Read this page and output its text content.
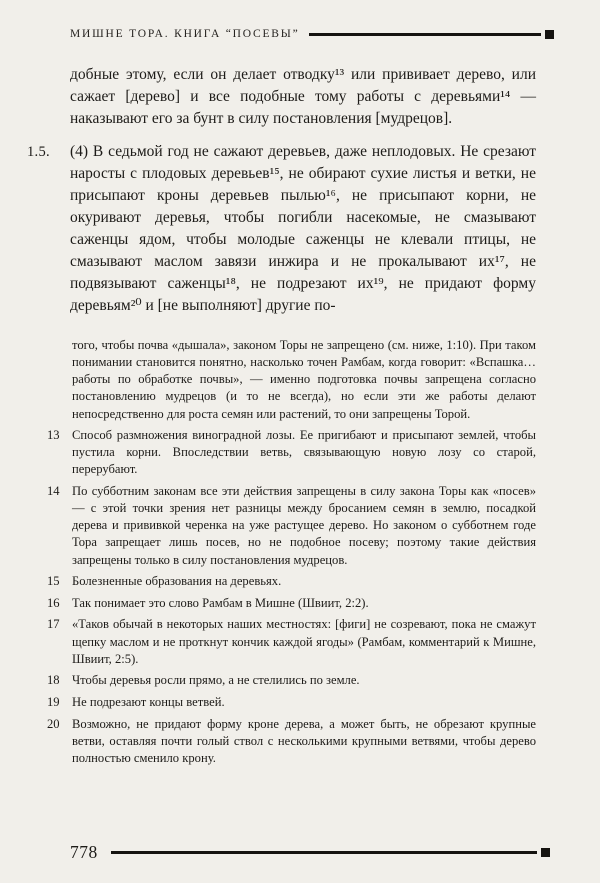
МИШНЕ ТОРА. КНИГА “ПОСЕВЫ”

добные этому, если он делает отводку¹³ или прививает дерево, или сажает [дерево] и все подобные тому работы с деревьями¹⁴ — наказывают его за бунт в силу постановления [мудрецов].

1.5. (4) В седьмой год не сажают деревьев, даже неплодовых. Не срезают наросты с плодовых деревьев¹⁵, не обирают сухие листья и ветки, не присыпают кроны деревьев пылью¹⁶, не присыпают корни, не окуривают деревья, чтобы погибли насекомые, не смазывают саженцы ядом, чтобы молодые саженцы не клевали птицы, не смазывают маслом завязи инжира и не прокалывают их¹⁷, не подвязывают саженцы¹⁸, не подрезают их¹⁹, не придают форму деревьям²⁰ и [не выполняют] другие по-

того, чтобы почва «дышала», законом Торы не запрещено (см. ниже, 1:10). При таком понимании становится понятно, насколько точен Рамбам, когда говорит: «Вспашка… работы по обработке почвы», — именно подготовка почвы запрещена согласно постановлению мудрецов (и то не всегда), но если эти же работы делают непосредственно для роста семян или растений, то они запрещены Торой.

13 Способ размножения виноградной лозы. Ее пригибают и присыпают землей, чтобы пустила корни. Впоследствии ветвь, связывающую новую лозу со старой, перерубают.
14 По субботним законам все эти действия запрещены в силу закона Торы как «посев» — с этой точки зрения нет разницы между бросанием семян в землю, посадкой дерева и прививкой черенка на уже растущее дерево. Но законом о субботнем годе Тора запрещает лишь посев, но не подобное посеву; поэтому такие действия запрещены только в силу постановления мудрецов.
15 Болезненные образования на деревьях.
16 Так понимает это слово Рамбам в Мишне (Швиит, 2:2).
17 «Таков обычай в некоторых наших местностях: [фиги] не созревают, пока не смажут щепку маслом и не проткнут кончик каждой ягоды» (Рамбам, комментарий к Мишне, Швиит, 2:5).
18 Чтобы деревья росли прямо, а не стелились по земле.
19 Не подрезают концы ветвей.
20 Возможно, не придают форму кроне дерева, а может быть, не обрезают крупные ветви, оставляя почти голый ствол с несколькими крупными ветвями, чтобы дерево полностью сменило крону.
778
